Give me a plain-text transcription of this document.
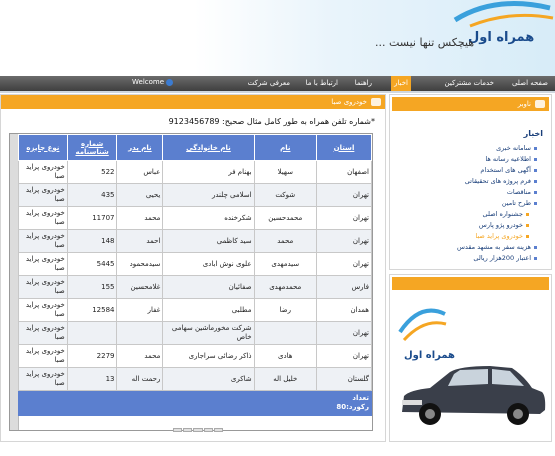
همراه اول
هیچکس تنها نیست ...
صفحه اصلی
خدمات مشترکین
اخبار
راهنما
ارتباط با ما
معرفی شرکت
Welcome
خودروی صبا
*شماره تلفن همراه به طور کامل مثال صحیح: 9123456789
استان	نام	نام خانوادگی	نام پدر	شماره شناسنامه	نوع جایزه
اصفهان	سهیلا	بهنام فر	عباس	522	خودروی پراید صبا
تهران	شوکت	اسلامی چلندر	یحیی	435	خودروی پراید صبا
تهران	محمدحسین	شکرخنده	محمد	11707	خودروی پراید صبا
تهران	محمد	سید کاظمی	احمد	148	خودروی پراید صبا
تهران	سیدمهدی	علوی نوش ابادی	سیدمحمود	5445	خودروی پراید صبا
فارس	محمدمهدی	صفائیان	غلامحسین	155	خودروی پراید صبا
همدان	رضا	مطلبی	غفار	12584	خودروی پراید صبا
تهران		شرکت مخورماشین سهامی خاص			خودروی پراید صبا
تهران	هادی	ذاکر رضائی سراجاری	محمد	2279	خودروی پراید صبا
گلستان	خلیل اله	شاکری	رحمت اله	13	خودروی پراید صبا
تعداد رکورد:80					
ناوبر
اخبار
سامانه خبری
اطلاعیه رسانه ها
آگهی های استخدام
فرم پروژه های تحقیقاتی
مناقصات
طرح تامین
جشنواره اصلی
خودرو پژو پارس
خودروی پراید صبا
هزینه سفر به مشهد مقدس
اعتبار 200هزار ریالی
همراه اول
